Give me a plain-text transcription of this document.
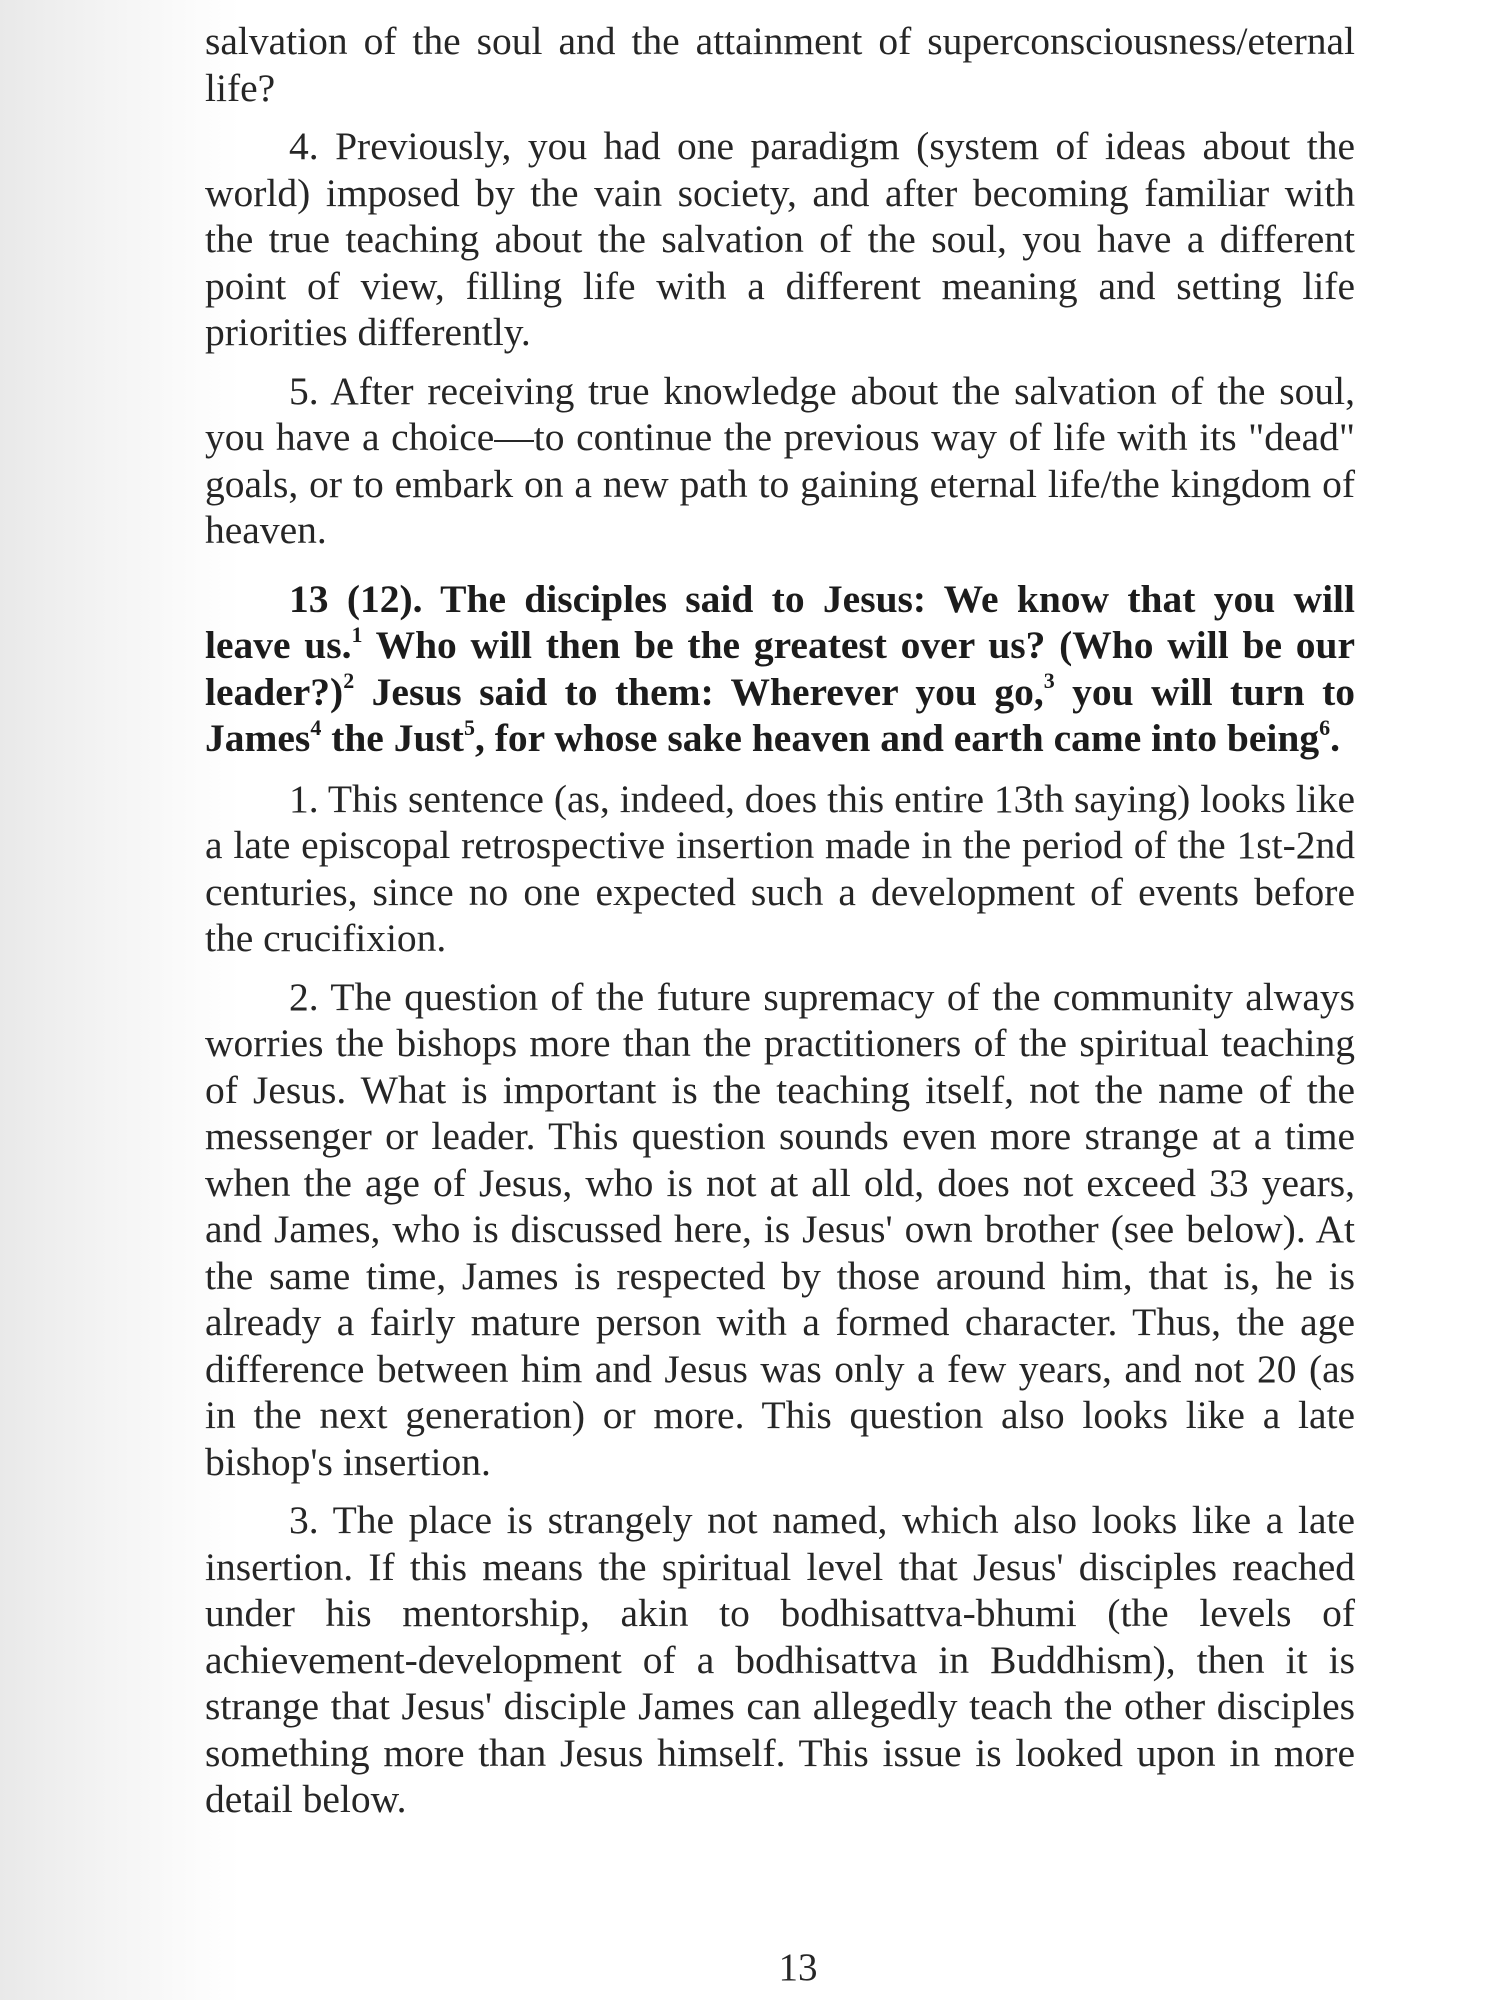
salvation of the soul and the attainment of superconsciousness/eternal life?

4. Previously, you had one paradigm (system of ideas about the world) imposed by the vain society, and after becoming familiar with the true teaching about the salvation of the soul, you have a different point of view, filling life with a different meaning and setting life priorities differently.

5. After receiving true knowledge about the salvation of the soul, you have a choice—to continue the previous way of life with its "dead" goals, or to embark on a new path to gaining eternal life/the kingdom of heaven.

13 (12). The disciples said to Jesus: We know that you will leave us.$^1$ Who will then be the greatest over us? (Who will be our leader?)$^2$ Jesus said to them: Wherever you go,$^3$ you will turn to James$^4$ the Just$^5$, for whose sake heaven and earth came into being$^6$.

1. This sentence (as, indeed, does this entire 13th saying) looks like a late episcopal retrospective insertion made in the period of the 1st-2nd centuries, since no one expected such a development of events before the crucifixion.

2. The question of the future supremacy of the community always worries the bishops more than the practitioners of the spiritual teaching of Jesus. What is important is the teaching itself, not the name of the messenger or leader. This question sounds even more strange at a time when the age of Jesus, who is not at all old, does not exceed 33 years, and James, who is discussed here, is Jesus' own brother (see below). At the same time, James is respected by those around him, that is, he is already a fairly mature person with a formed character. Thus, the age difference between him and Jesus was only a few years, and not 20 (as in the next generation) or more. This question also looks like a late bishop's insertion.

3. The place is strangely not named, which also looks like a late insertion. If this means the spiritual level that Jesus' disciples reached under his mentorship, akin to bodhisattva-bhumi (the levels of achievement-development of a bodhisattva in Buddhism), then it is strange that Jesus' disciple James can allegedly teach the other disciples something more than Jesus himself. This issue is looked upon in more detail below.

13
